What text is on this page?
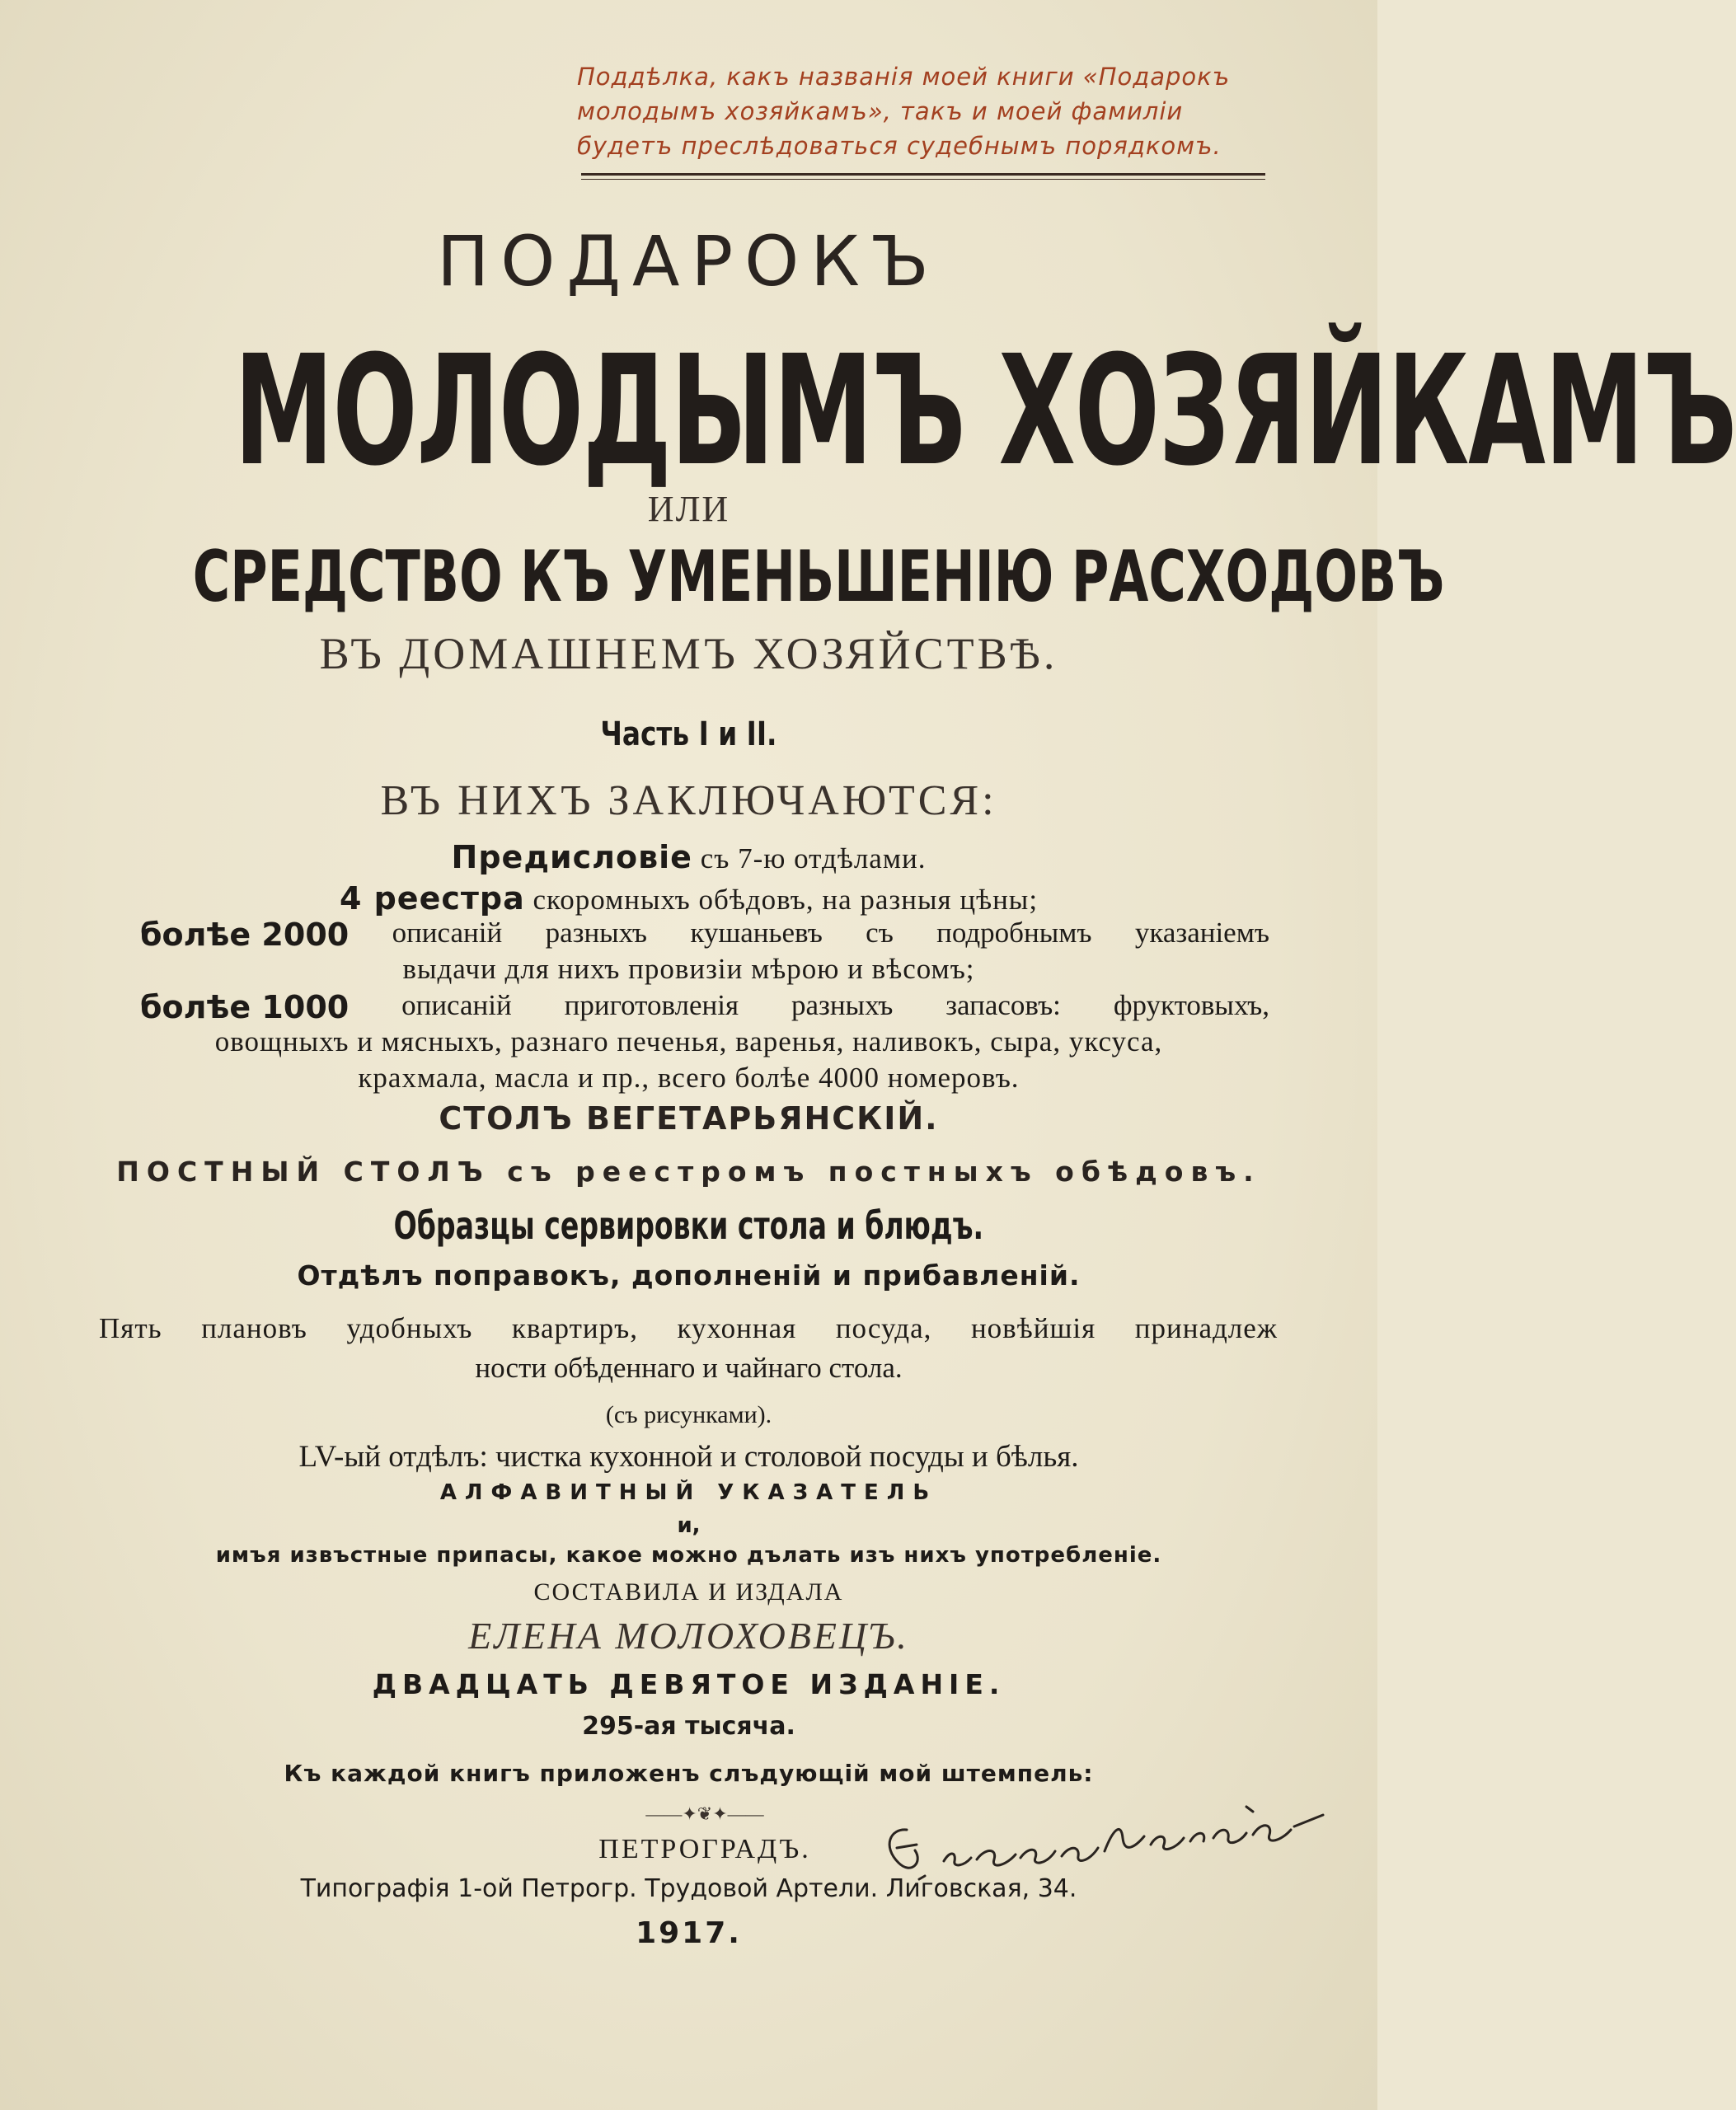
Поддѣлка, какъ названія моей книги «Подарокъ
молодымъ хозяйкамъ», такъ и моей фамиліи
будетъ преслѣдоваться судебнымъ порядкомъ.
ПОДАРОКЪ
МОЛОДЫМЪ ХОЗЯЙКАМЪ
ИЛИ
СРЕДСТВО КЪ УМЕНЬШЕНІЮ РАСХОДОВЪ
ВЪ ДОМАШНЕМЪ ХОЗЯЙСТВѢ.
Часть I и II.
ВЪ НИХЪ ЗАКЛЮЧАЮТСЯ:
Предисловіе съ 7-ю отдѣлами.
4 реестра скоромныхъ обѣдовъ, на разныя цѣны;
болѣе 2000 описаній разныхъ кушаньевъ съ подробнымъ указаніемъ
выдачи для нихъ провизіи мѣрою и вѣсомъ;
болѣе 1000 описаній приготовленія разныхъ запасовъ: фруктовыхъ,
овощныхъ и мясныхъ, разнаго печенья, варенья, наливокъ, сыра, уксуса,
крахмала, масла и пр., всего болѣе 4000 номеровъ.
СТОЛЪ ВЕГЕТАРЬЯНСКІЙ.
ПОСТНЫЙ СТОЛЪ съ реестромъ постныхъ обѣдовъ.
Образцы сервировки стола и блюдъ.
Отдѣлъ поправокъ, дополненій и прибавленій.
Пять плановъ удобныхъ квартиръ, кухонная посуда, новѣйшія принадлеж
ности обѣденнаго и чайнаго стола.
(съ рисунками).
LV-ый отдѣлъ: чистка кухонной и столовой посуды и бѣлья.
АЛФАВИТНЫЙ УКАЗАТЕЛЬ
и,
имъя извъстные припасы, какое можно дълать изъ нихъ употребленіе.
СОСТАВИЛА И ИЗДАЛА
ЕЛЕНА МОЛОХОВЕЦЪ.
ДВАДЦАТЬ ДЕВЯТОЕ ИЗДАНІЕ.
295-ая тысяча.
Къ каждой книгъ приложенъ слъдующій мой штемпель:
——✦❦✦——
ПЕТРОГРАДЪ.
Типографія 1-ой Петрогр. Трудовой Артели. Лиговская, 34.
1917.
